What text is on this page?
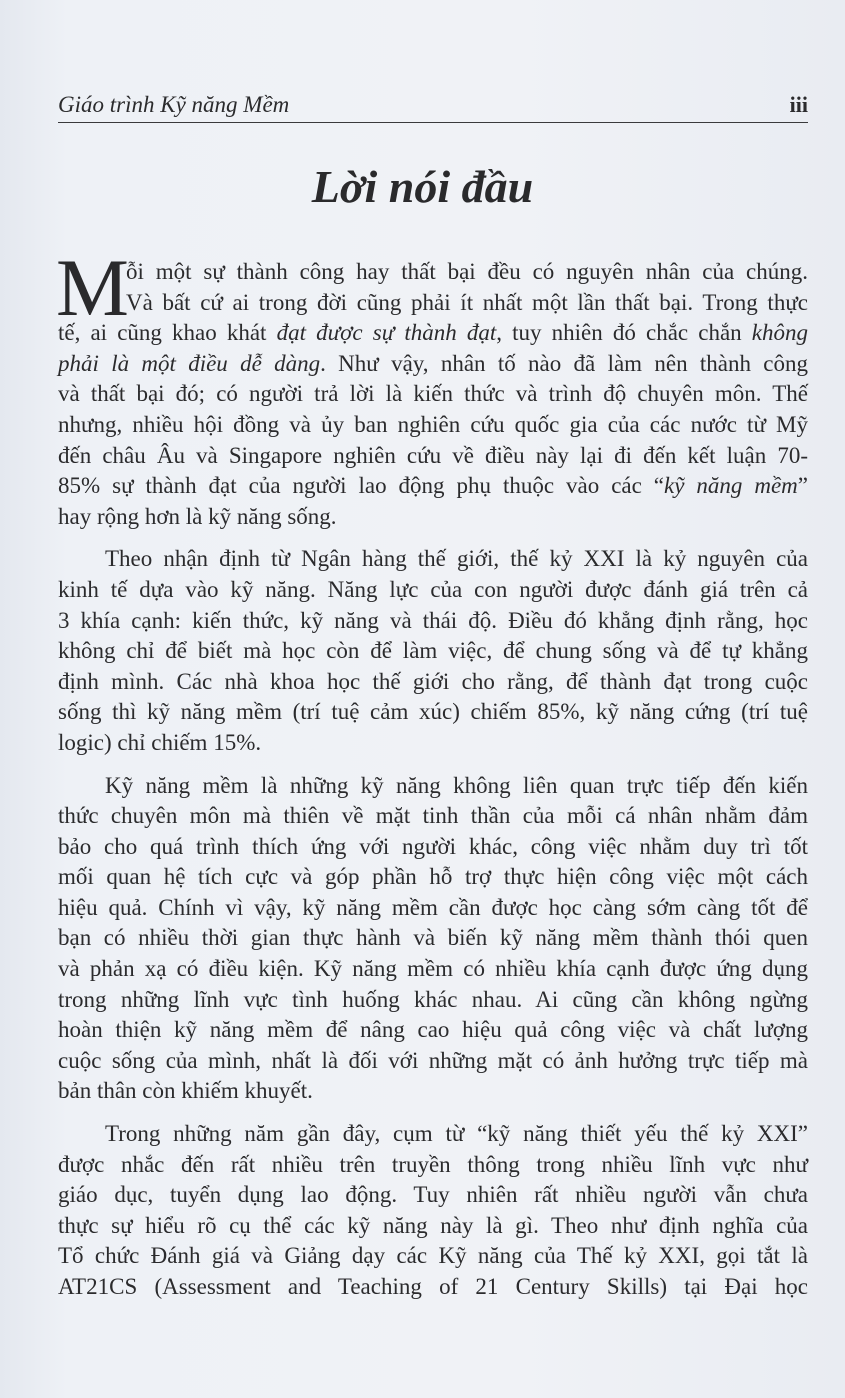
Giáo trình Kỹ năng Mềm	iii
Lời nói đầu
M
ỗi một sự thành công hay thất bại đều có nguyên nhân của chúng.
Và bất cứ ai trong đời cũng phải ít nhất một lần thất bại. Trong thực
tế, ai cũng khao khát đạt được sự thành đạt, tuy nhiên đó chắc chắn không
phải là một điều dễ dàng. Như vậy, nhân tố nào đã làm nên thành công
và thất bại đó; có người trả lời là kiến thức và trình độ chuyên môn. Thế
nhưng, nhiều hội đồng và ủy ban nghiên cứu quốc gia của các nước từ Mỹ
đến châu Âu và Singapore nghiên cứu về điều này lại đi đến kết luận 70-
85% sự thành đạt của người lao động phụ thuộc vào các “kỹ năng mềm”
hay rộng hơn là kỹ năng sống.
Theo nhận định từ Ngân hàng thế giới, thế kỷ XXI là kỷ nguyên của
kinh tế dựa vào kỹ năng. Năng lực của con người được đánh giá trên cả
3 khía cạnh: kiến thức, kỹ năng và thái độ. Điều đó khẳng định rằng, học
không chỉ để biết mà học còn để làm việc, để chung sống và để tự khẳng
định mình. Các nhà khoa học thế giới cho rằng, để thành đạt trong cuộc
sống thì kỹ năng mềm (trí tuệ cảm xúc) chiếm 85%, kỹ năng cứng (trí tuệ
logic) chỉ chiếm 15%.
Kỹ năng mềm là những kỹ năng không liên quan trực tiếp đến kiến
thức chuyên môn mà thiên về mặt tinh thần của mỗi cá nhân nhằm đảm
bảo cho quá trình thích ứng với người khác, công việc nhằm duy trì tốt
mối quan hệ tích cực và góp phần hỗ trợ thực hiện công việc một cách
hiệu quả. Chính vì vậy, kỹ năng mềm cần được học càng sớm càng tốt để
bạn có nhiều thời gian thực hành và biến kỹ năng mềm thành thói quen
và phản xạ có điều kiện. Kỹ năng mềm có nhiều khía cạnh được ứng dụng
trong những lĩnh vực tình huống khác nhau. Ai cũng cần không ngừng
hoàn thiện kỹ năng mềm để nâng cao hiệu quả công việc và chất lượng
cuộc sống của mình, nhất là đối với những mặt có ảnh hưởng trực tiếp mà
bản thân còn khiếm khuyết.
Trong những năm gần đây, cụm từ “kỹ năng thiết yếu thế kỷ XXI”
được nhắc đến rất nhiều trên truyền thông trong nhiều lĩnh vực như
giáo dục, tuyển dụng lao động. Tuy nhiên rất nhiều người vẫn chưa
thực sự hiểu rõ cụ thể các kỹ năng này là gì. Theo như định nghĩa của
Tổ chức Đánh giá và Giảng dạy các Kỹ năng của Thế kỷ XXI, gọi tắt là
AT21CS (Assessment and Teaching of 21 Century Skills) tại Đại học
